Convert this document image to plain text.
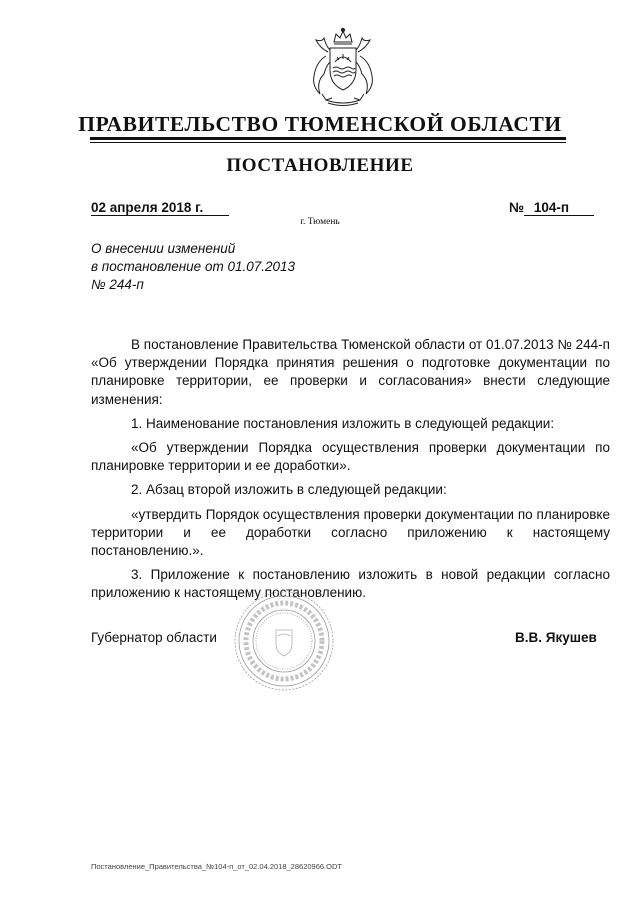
ПРАВИТЕЛЬСТВО ТЮМЕНСКОЙ ОБЛАСТИ
ПОСТАНОВЛЕНИЕ
02 апреля 2018 г.	№ 104-п
г. Тюмень
О внесении изменений
в постановление от 01.07.2013
№ 244-п

В постановление Правительства Тюменской области от 01.07.2013 № 244-п «Об утверждении Порядка принятия решения о подготовке документации по планировке территории, ее проверки и согласования» внести следующие изменения:

1. Наименование постановления изложить в следующей редакции:

«Об утверждении Порядка осуществления проверки документации по планировке территории и ее доработки».

2. Абзац второй изложить в следующей редакции:

«утвердить Порядок осуществления проверки документации по планировке территории и ее доработки согласно приложению к настоящему постановлению.».

3. Приложение к постановлению изложить в новой редакции согласно приложению к настоящему постановлению.

Губернатор области	В.В. Якушев
Постановление_Правительства_№104-п_от_02.04.2018_28620966.ODT
